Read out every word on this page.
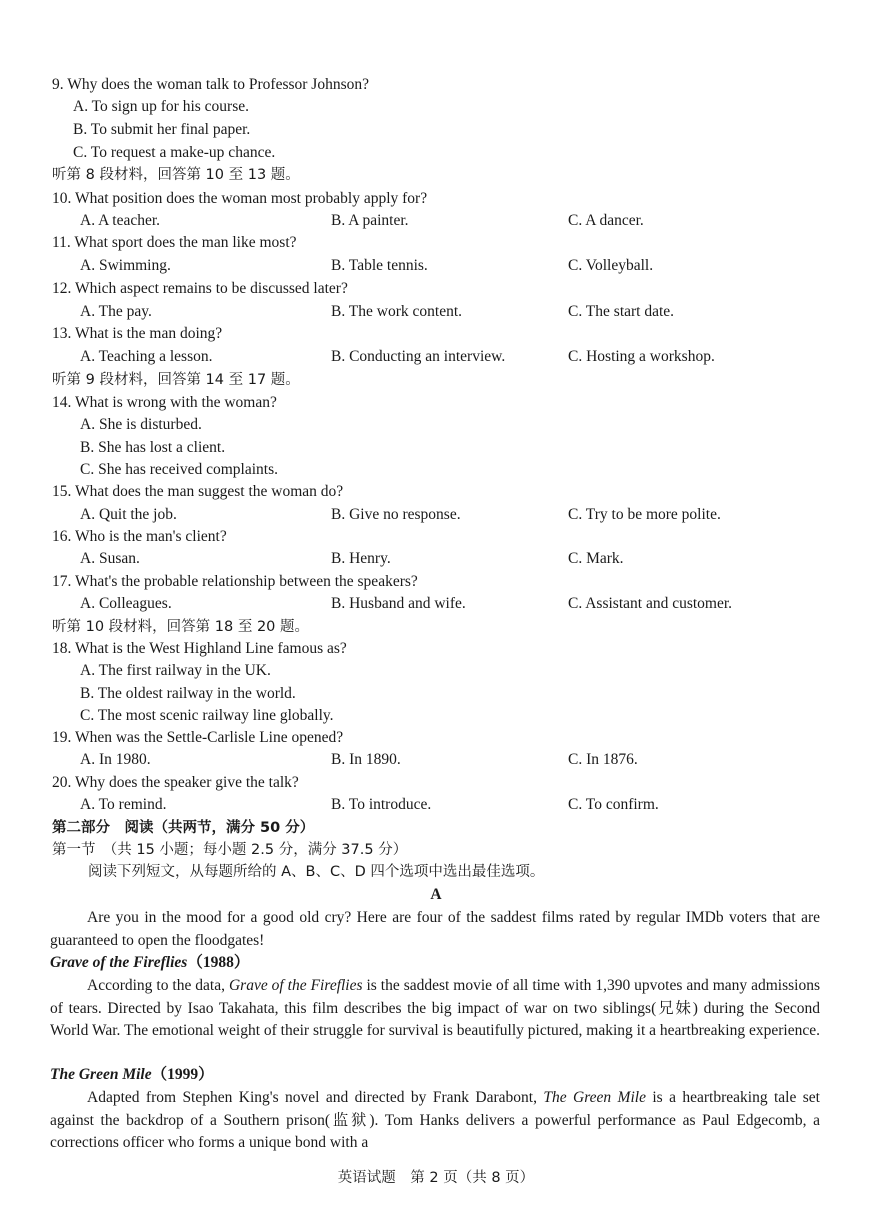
9. Why does the woman talk to Professor Johnson?
A. To sign up for his course.
B. To submit her final paper.
C. To request a make-up chance.
听第 8 段材料，回答第 10 至 13 题。
10. What position does the woman most probably apply for?
A. A teacher.	B. A painter.	C. A dancer.
11. What sport does the man like most?
A. Swimming.	B. Table tennis.	C. Volleyball.
12. Which aspect remains to be discussed later?
A. The pay.	B. The work content.	C. The start date.
13. What is the man doing?
A. Teaching a lesson.	B. Conducting an interview.	C. Hosting a workshop.
听第 9 段材料，回答第 14 至 17 题。
14. What is wrong with the woman?
A. She is disturbed.
B. She has lost a client.
C. She has received complaints.
15. What does the man suggest the woman do?
A. Quit the job.	B. Give no response.	C. Try to be more polite.
16. Who is the man's client?
A. Susan.	B. Henry.	C. Mark.
17. What's the probable relationship between the speakers?
A. Colleagues.	B. Husband and wife.	C. Assistant and customer.
听第 10 段材料，回答第 18 至 20 题。
18. What is the West Highland Line famous as?
A. The first railway in the UK.
B. The oldest railway in the world.
C. The most scenic railway line globally.
19. When was the Settle-Carlisle Line opened?
A. In 1980.	B. In 1890.	C. In 1876.
20. Why does the speaker give the talk?
A. To remind.	B. To introduce.	C. To confirm.
第二部分　阅读（共两节，满分 50 分）
第一节　（共 15 小题；每小题 2.5 分，满分 37.5 分）
阅读下列短文，从每题所给的 A、B、C、D 四个选项中选出最佳选项。
A

Are you in the mood for a good old cry? Here are four of the saddest films rated by regular IMDb voters that are guaranteed to open the floodgates!

Grave of the Fireflies（1988）

According to the data, Grave of the Fireflies is the saddest movie of all time with 1,390 upvotes and many admissions of tears. Directed by Isao Takahata, this film describes the big impact of war on two siblings(兄妹) during the Second World War. The emotional weight of their struggle for survival is beautifully pictured, making it a heartbreaking experience.

The Green Mile（1999）

Adapted from Stephen King's novel and directed by Frank Darabont, The Green Mile is a heartbreaking tale set against the backdrop of a Southern prison(监狱). Tom Hanks delivers a powerful performance as Paul Edgecomb, a corrections officer who forms a unique bond with a

英语试题　第 2 页（共 8 页）
